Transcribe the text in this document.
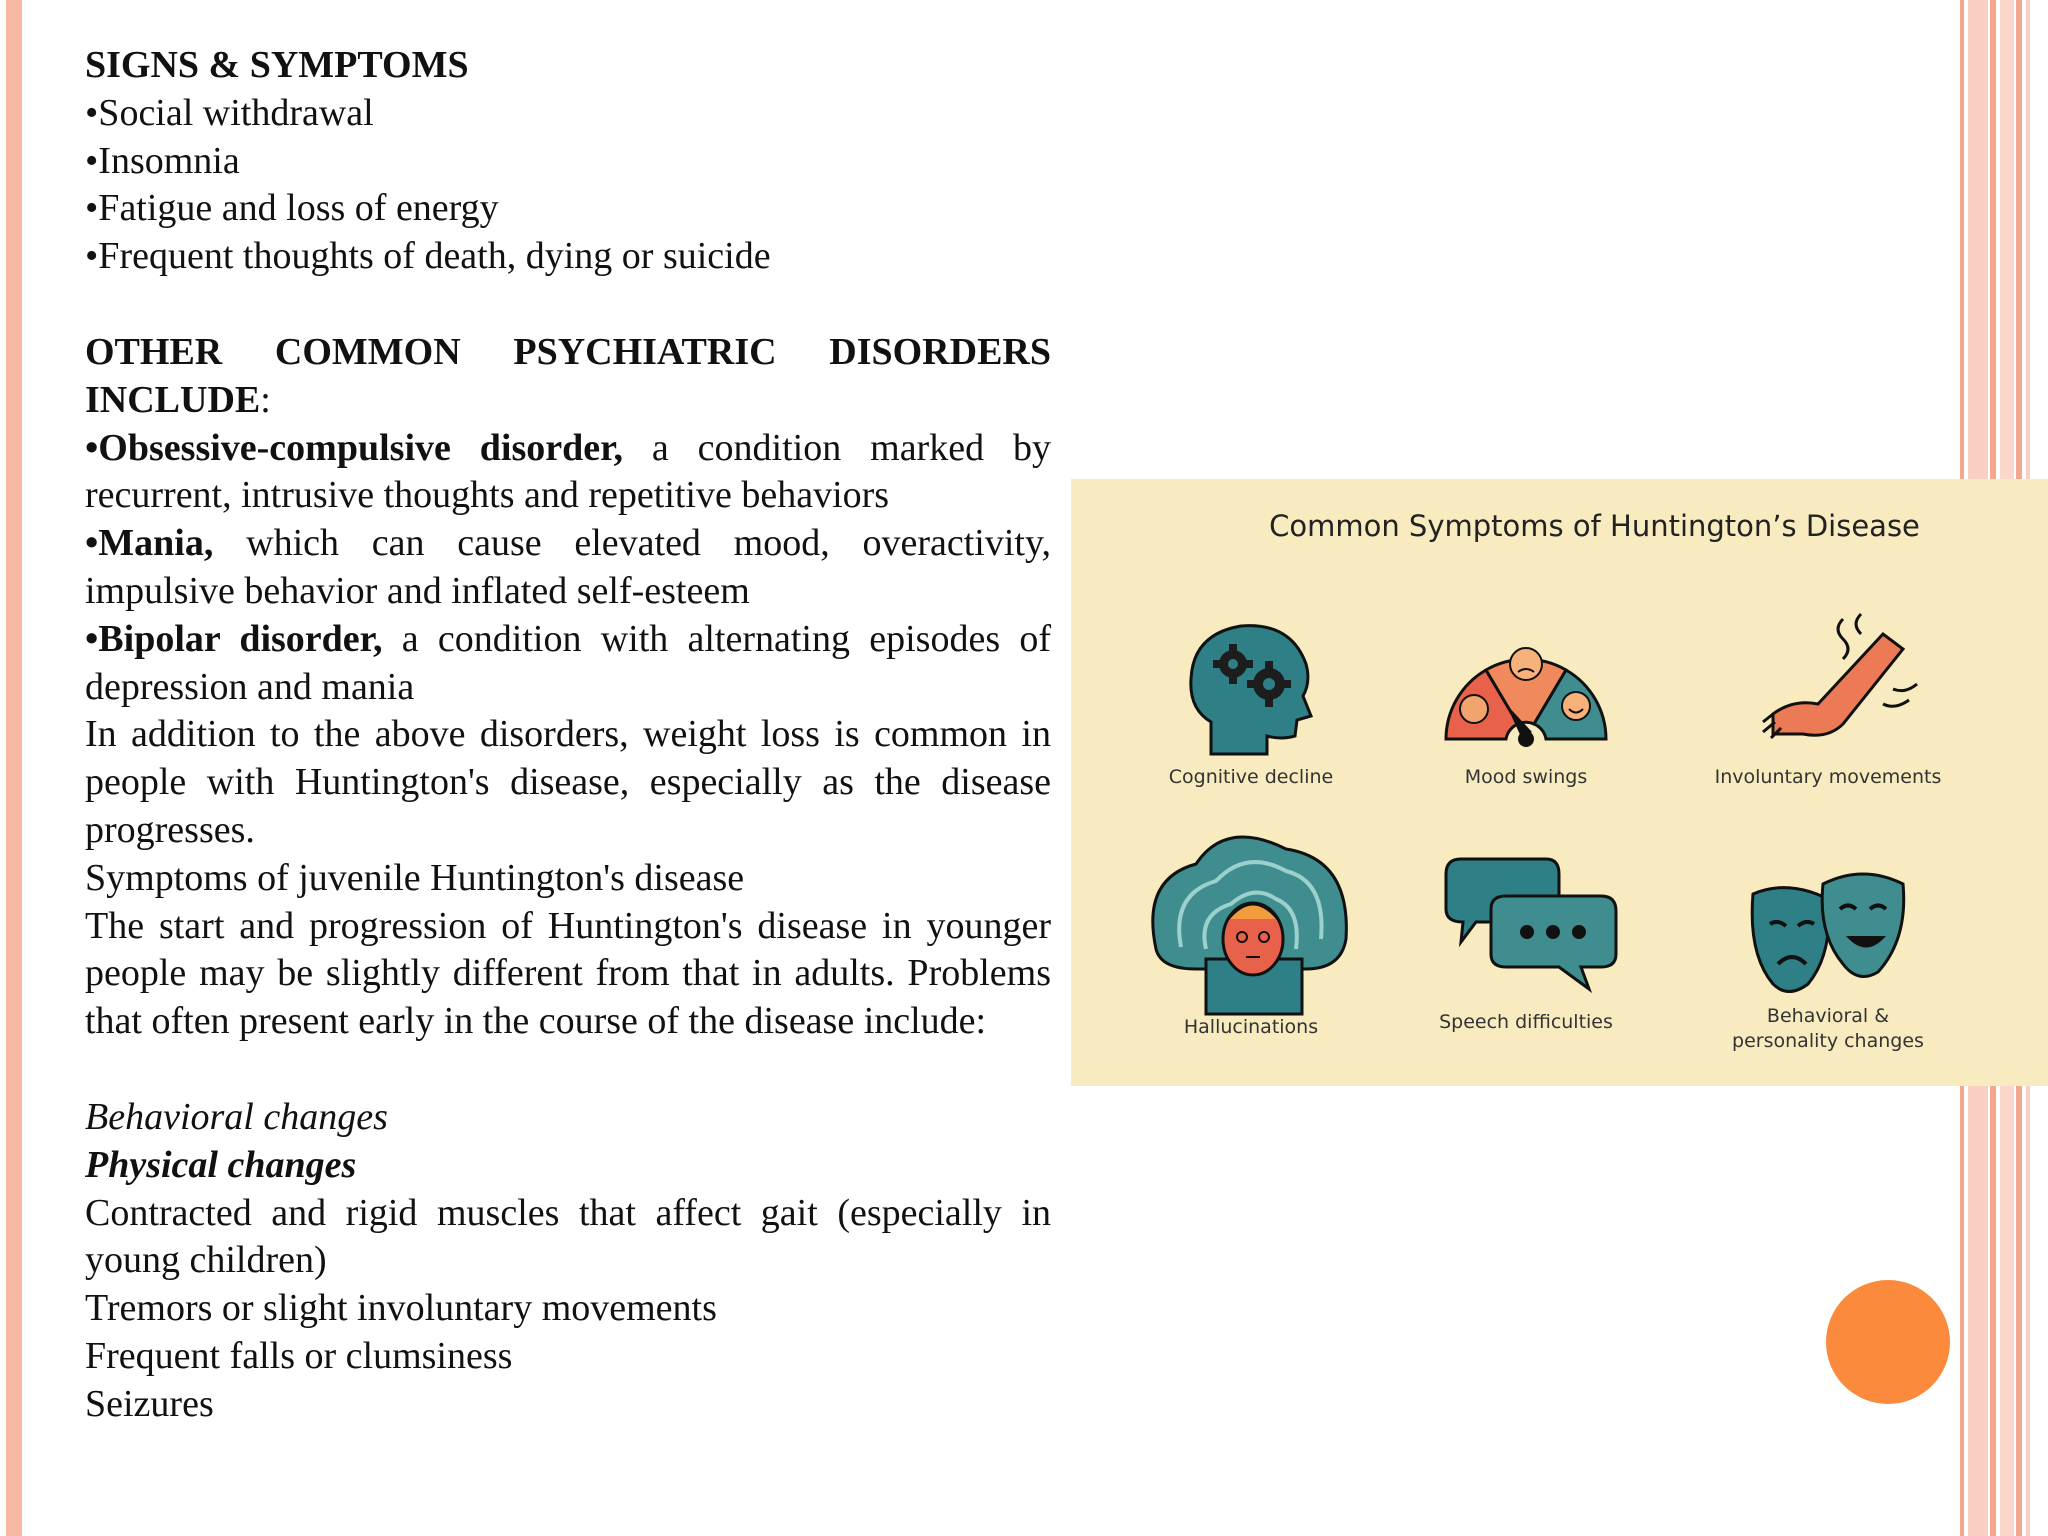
SIGNS & SYMPTOMS

•Social withdrawal

•Insomnia

•Fatigue and loss of energy

•Frequent thoughts of death, dying or suicide

OTHER COMMON PSYCHIATRIC DISORDERS

INCLUDE:

•Obsessive-compulsive disorder, a condition marked by recurrent, intrusive thoughts and repetitive behaviors

•Mania, which can cause elevated mood, overactivity, impulsive behavior and inflated self-esteem

•Bipolar disorder, a condition with alternating episodes of depression and mania

In addition to the above disorders, weight loss is common in people with Huntington's disease, especially as the disease progresses.

Symptoms of juvenile Huntington's disease

The start and progression of Huntington's disease in younger people may be slightly different from that in adults. Problems that often present early in the course of the disease include:

Behavioral changes

Physical changes

Contracted and rigid muscles that affect gait (especially in young children)

Tremors or slight involuntary movements

Frequent falls or clumsiness

Seizures

Common Symptoms of Huntington’s Disease
Cognitive decline	Mood swings	Involuntary movements
Hallucinations	Speech difficulties	Behavioral &
personality changes
